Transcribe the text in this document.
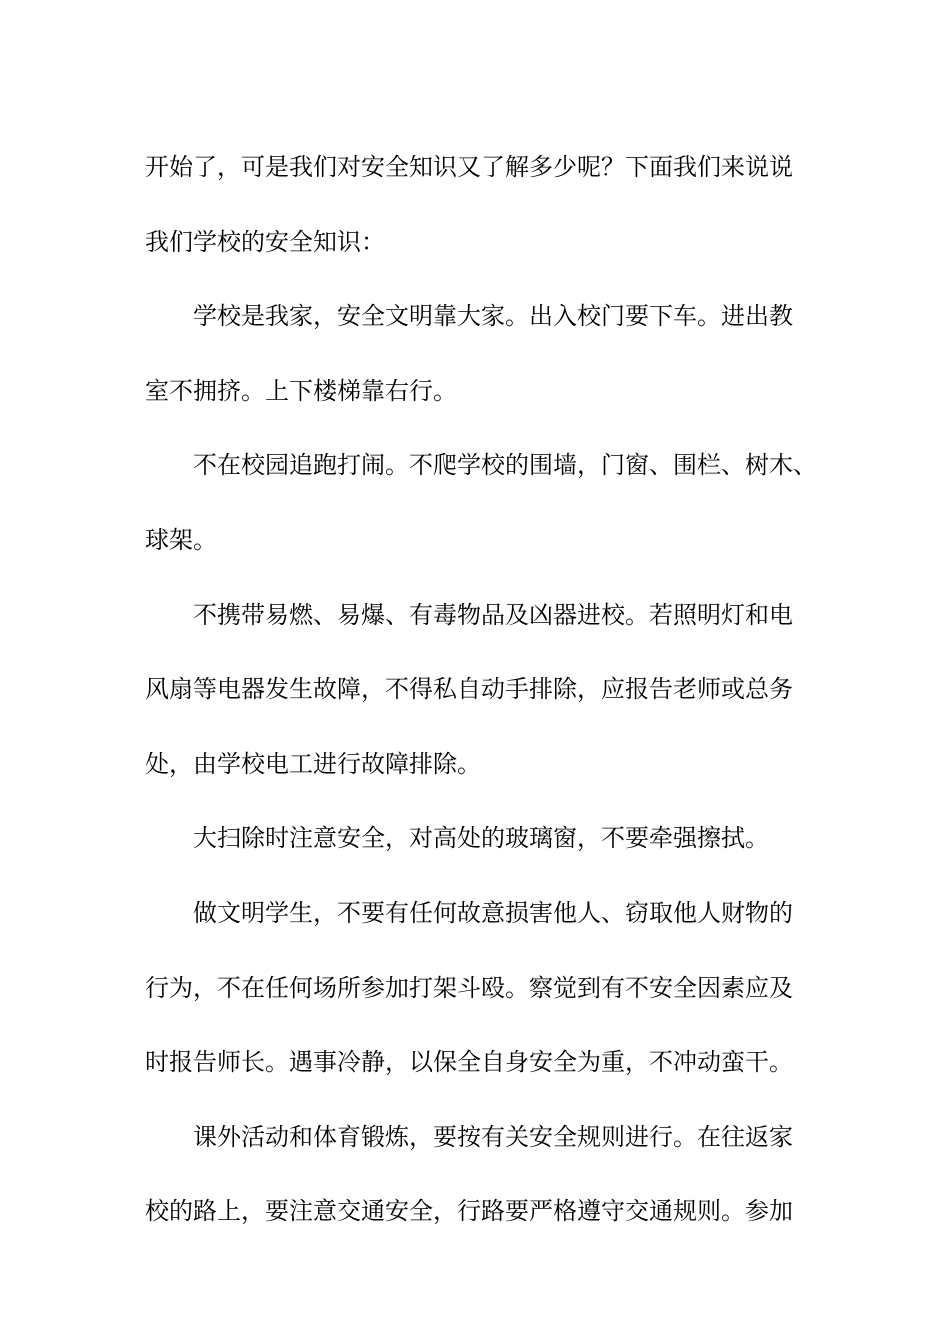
开始了，可是我们对安全知识又了解多少呢？下面我们来说说
我们学校的安全知识：
学校是我家，安全文明靠大家。出入校门要下车。进出教
室不拥挤。上下楼梯靠右行。
不在校园追跑打闹。不爬学校的围墙，门窗、围栏、树木、
球架。
不携带易燃、易爆、有毒物品及凶器进校。若照明灯和电
风扇等电器发生故障，不得私自动手排除，应报告老师或总务
处，由学校电工进行故障排除。
大扫除时注意安全，对高处的玻璃窗，不要牵强擦拭。
做文明学生，不要有任何故意损害他人、窃取他人财物的
行为，不在任何场所参加打架斗殴。察觉到有不安全因素应及
时报告师长。遇事冷静，以保全自身安全为重，不冲动蛮干。
课外活动和体育锻炼，要按有关安全规则进行。在往返家
校的路上，要注意交通安全，行路要严格遵守交通规则。参加
